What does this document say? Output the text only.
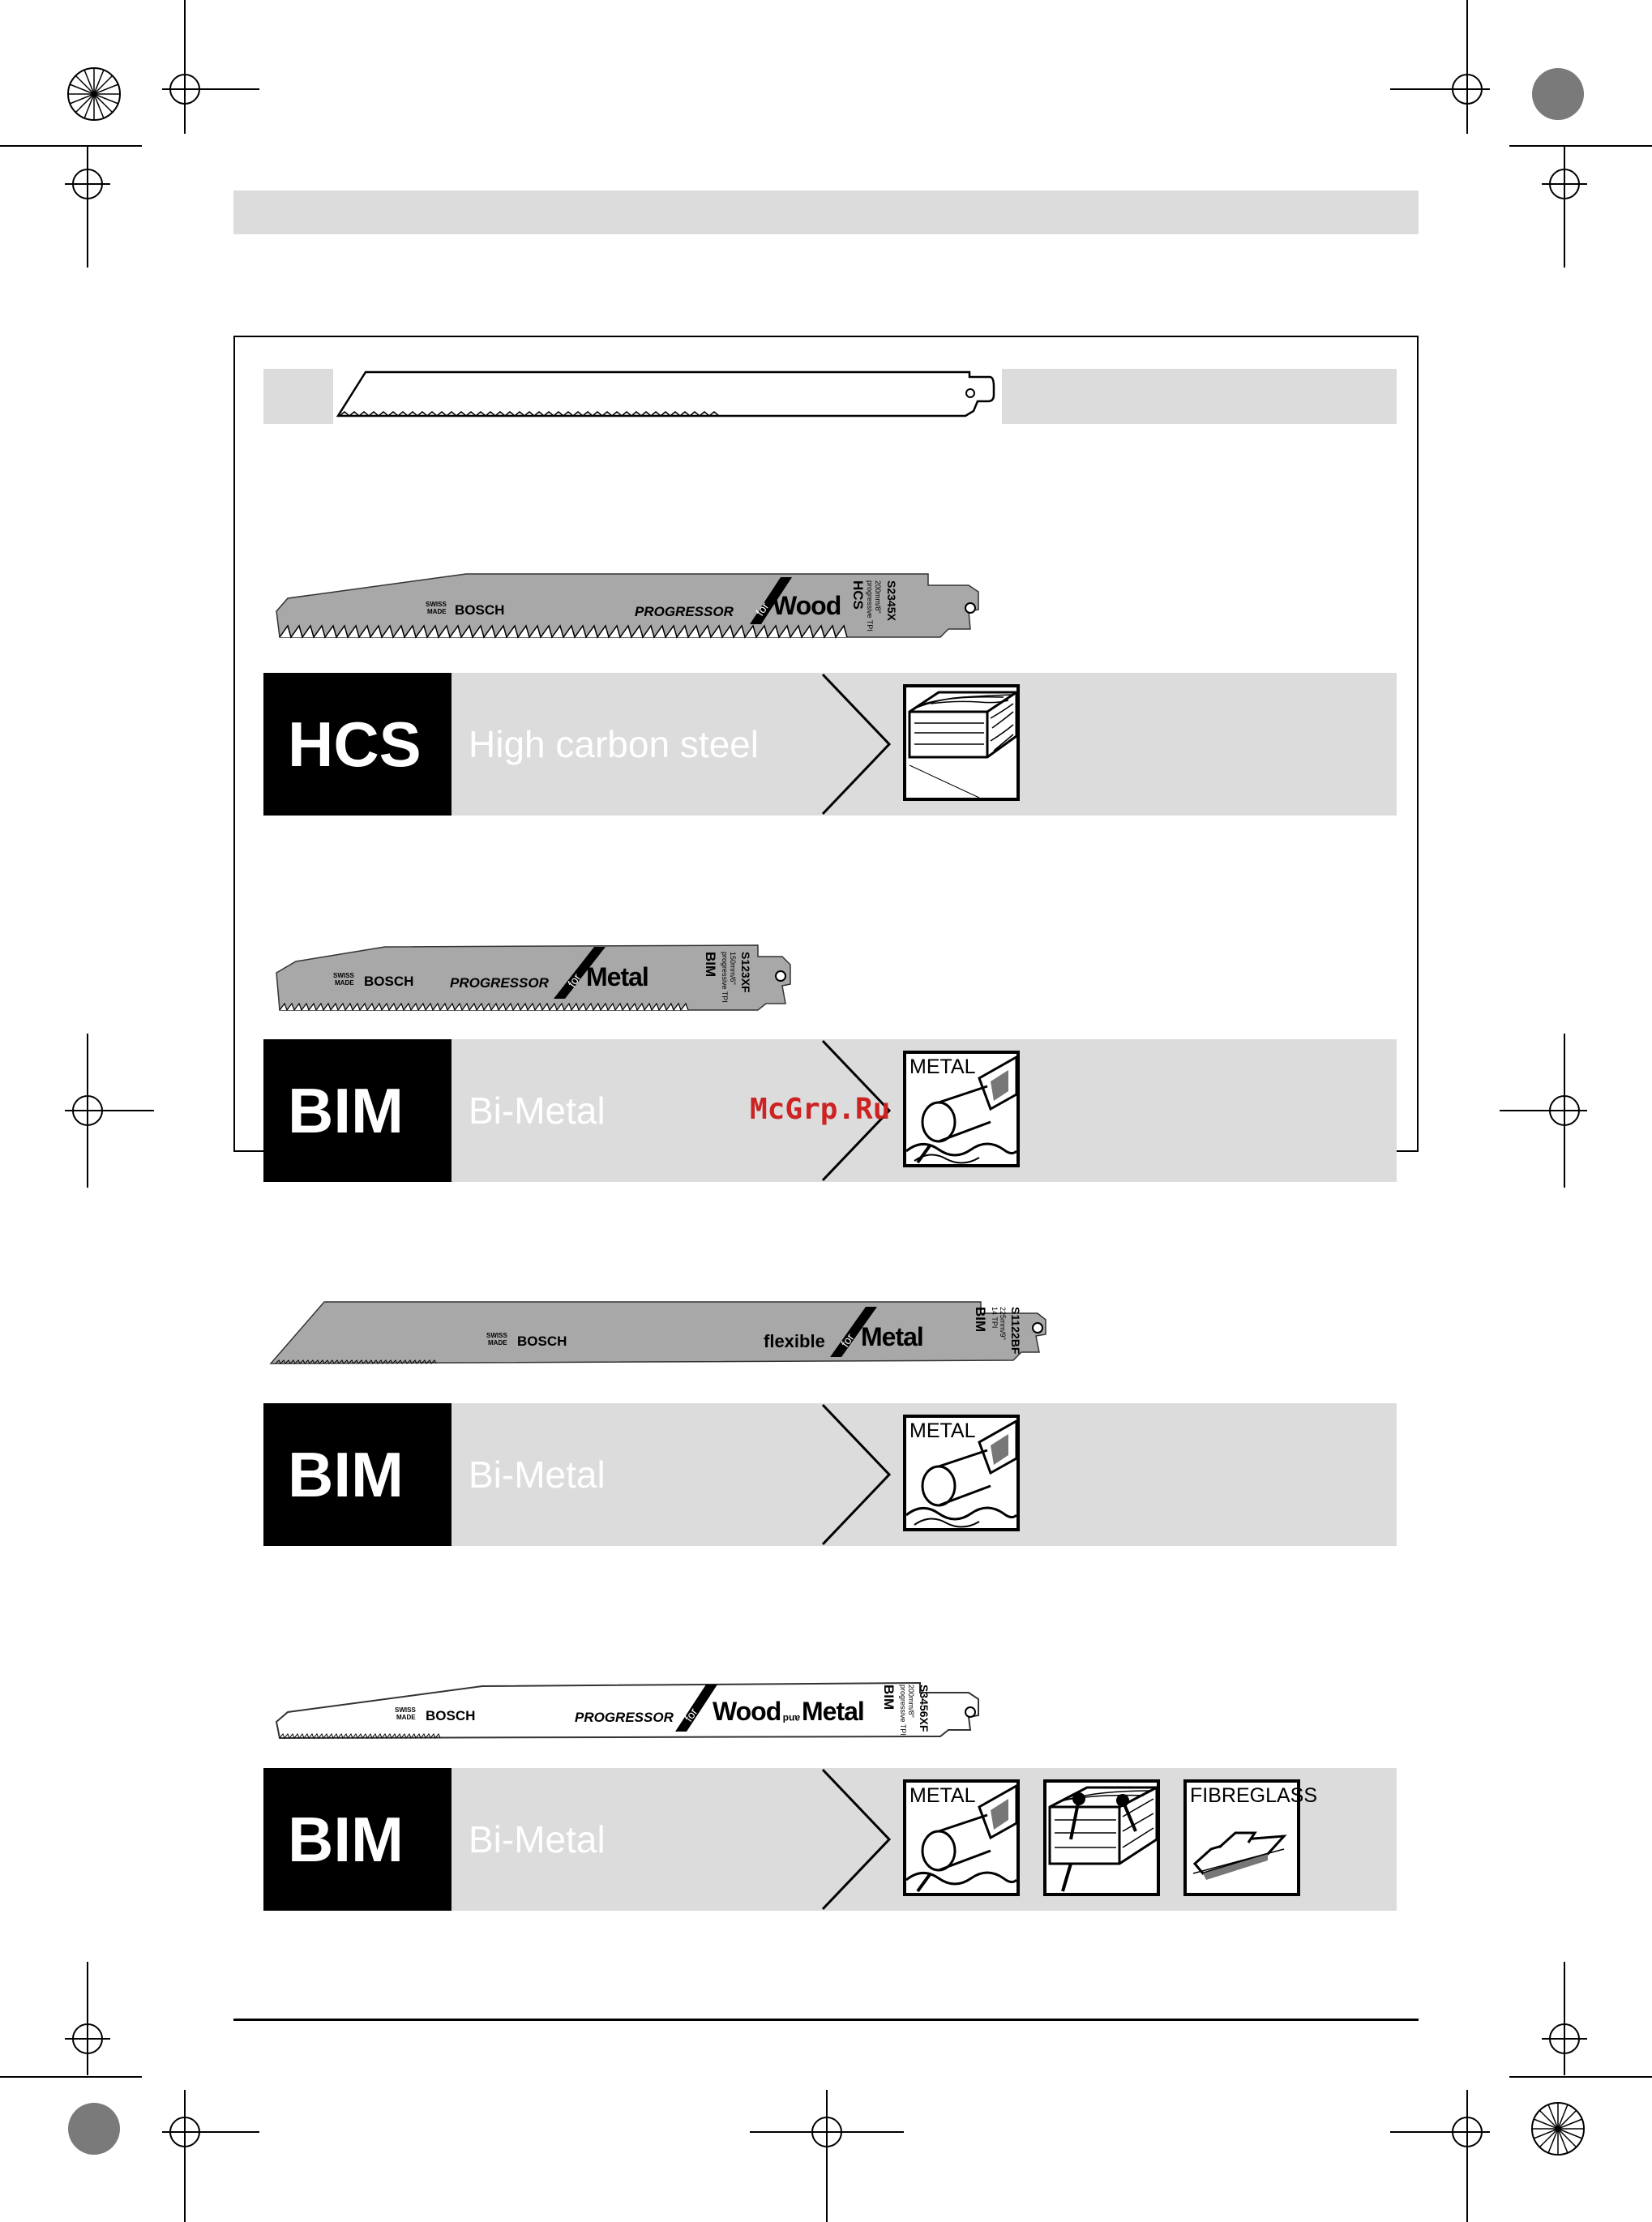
SWISS
MADE BOSCH	PROGRESSOR for Wood	S2345X
200mm/8"
progressive TPI
HCS
HCS	High carbon steel
SWISS
MADE BOSCH	PROGRESSOR for Metal	S123XF
150mm/6"
progressive TPI
BIM
BIM	Bi-Metal
METAL
McGrp.Ru
SWISS
MADE BOSCH	flexible for Metal	S1122BF
225mm/9"
14 TPI
BIM
BIM	Bi-Metal
METAL
SWISS
MADE BOSCH	PROGRESSOR for Wood and Metal	S3456XF
200mm/8"
progressive TPI
BIM
BIM	Bi-Metal
METAL	FIBREGLASS
